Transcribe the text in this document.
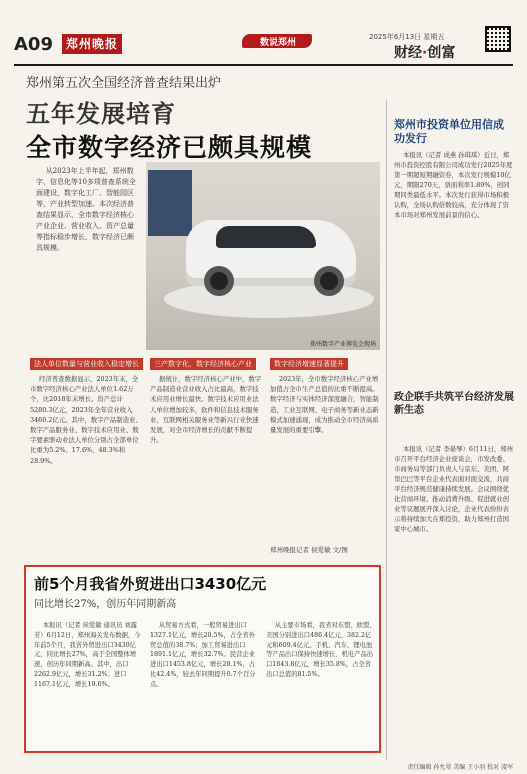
A09	郑州晚报	数说郑州
2025年6月13日 星期五
财经·创富
郑州第五次全国经济普查结果出炉
五年发展培育
全市数字经济已颇具规模
从2023年上半年起，郑州数字、信息化等10多项普查系统全面建设，数字化工厂、智能园区等，产业转型加速。本次经济普查结果显示，全市数字经济核心产业企业、营业收入、资产总量等指标稳步增长，数字经济已颇具规模。
郑州数字产业博览会现场
法人单位数量与营业收入稳定增长	三产数字化，数字经济核心产业	数字经济增速显著提升
经济普查数据显示，2023年末，全市数字经济核心产业法人单位1.62万个，比2018年末增长。资产总计5280.3亿元，2023年全年营业收入3460.2亿元。其中，数字产品制造业、数字产品服务业、数字技术应用业、数字要素驱动业法人单位分别占全部单位比重为5.2%、17.6%、48.3%和28.9%。
据统计，数字经济核心产业中，数字产品制造业营业收入占比最高，数字技术应用业增长最快。数字技术应用业法人单位增加较多，软件和信息技术服务业、互联网相关服务业等新兴行业快速发展，对全市经济增长的贡献不断提升。
2023年，全市数字经济核心产业增加值占全市生产总值的比重不断提高。数字经济与实体经济深度融合，智能制造、工业互联网、电子商务等新业态新模式加速涌现，成为推动全市经济高质量发展的重要引擎。
郑州晚报记者 侯爱敏 文/图
郑州市投资单位用信成功发行
本报讯（记者 成燕 孙琪琪）近日，郑州市投资控股有限公司成功发行2025年度第一期超短期融资券，本次发行规模10亿元，期限270天，票面利率1.89%，创同期同类最低水平。本次发行获得市场积极认购，全场认购倍数较高，充分体现了资本市场对郑州发展前景的信心。
政企联手共筑平台经济发展新生态
本报讯（记者 李晏琴）6月11日，郑州市召开平台经济企业座谈会，市发改委、市商务局等部门负责人与京东、美团、阿里巴巴等平台企业代表面对面交流，共商平台经济规范健康持续发展。会议围绕优化营商环境、推动消费升级、促进就业创业等议题展开深入讨论，企业代表纷纷表示将持续加大在郑投资，助力郑州打造国家中心城市。
前5个月我省外贸进出口3430亿元
同比增长27%，创历年同期新高
本报讯（记者 侯爱敏 通讯员 刘露芳）6月12日，郑州海关发布数据，今年前5个月，我省外贸进出口3430亿元，同比增长27%，高于全国整体增速，创历年同期新高。其中，出口2262.9亿元，增长31.2%；进口1167.1亿元，增长19.6%。
从贸易方式看，一般贸易进出口1327.1亿元，增长20.5%，占全省外贸总值的38.7%；加工贸易进出口1891.1亿元，增长32.7%。民营企业进出口1453.8亿元，增长29.1%，占比42.4%，较去年同期提升0.7个百分点。
从主要市场看，我省对东盟、欧盟、美国分别进出口486.4亿元、382.2亿元和609.4亿元。手机、汽车、锂电池等产品出口保持快速增长，机电产品出口1843.8亿元，增长35.8%，占全省出口总值的81.5%。
责任编辑 孙允翠 美编 王小羽 校对 凌军
